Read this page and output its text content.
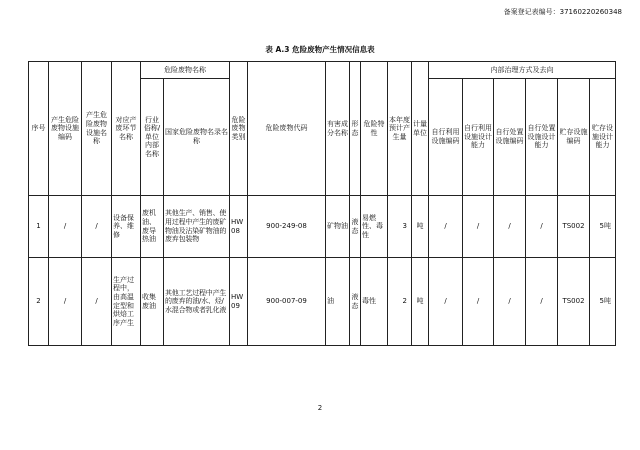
备案登记表编号：37160220260348
表 A.3 危险废物产生情况信息表
序号	产生危险废物设施编码	产生危险废物设施名称	对应产废环节名称	危险废物名称		危险废物类别	危险废物代码	有害成分名称	形态	危险特性	本年度预计产生量	计量单位	内部治理方式及去向					
				行业俗称/单位内部名称	国家危险废物名录名称								自行利用设施编码	自行利用设施设计能力	自行处置设施编码	自行处置设施设计能力	贮存设施编码	贮存设施设计能力
1	/	/	设备保养、维修	废机油、废导热油	其他生产、销售、使用过程中产生的废矿物油及沾染矿物油的废弃包装物	HW08	900-249-08	矿物油	液态	易燃性、毒性	3	吨	/	/	/	/	TS002	5吨
2	/	/	生产过程中，由高温定型和烘焙工序产生	收集废油	其他工艺过程中产生的废弃的油/水、烃/水混合物或者乳化液	HW09	900-007-09	油	液态	毒性	2	吨	/	/	/	/	TS002	5吨
2
